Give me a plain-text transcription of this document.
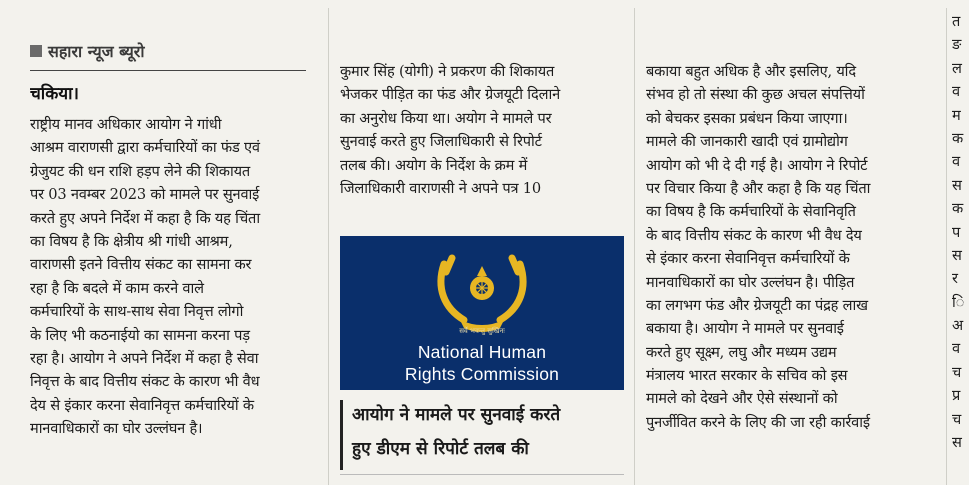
सहारा न्यूज ब्यूरो
चकिया।
राष्ट्रीय मानव अधिकार आयोग ने गांधी
आश्रम वाराणसी द्वारा कर्मचारियों का फंड एवं
ग्रेजुयट की धन राशि हड़प लेने की शिकायत
पर 03 नवम्बर 2023 को मामले पर सुनवाई
करते हुए अपने निर्देश में कहा है कि यह चिंता
का विषय है कि क्षेत्रीय श्री गांधी आश्रम,
वाराणसी इतने वित्तीय संकट का सामना कर
रहा है कि बदले में काम करने वाले
कर्मचारियों के साथ-साथ सेवा निवृत्त लोगो
के लिए भी कठनाईयो का सामना करना पड़
रहा है। आयोग ने अपने निर्देश में कहा है सेवा
निवृत्त के बाद वित्तीय संकट के कारण भी वैध
देय से इंकार करना सेवानिवृत्त कर्मचारियों के
मानवाधिकारों का घोर उल्लंघन है।
कुमार सिंह (योगी) ने प्रकरण की शिकायत
भेजकर पीड़ित का फंड और ग्रेजयूटी दिलाने
का अनुरोध किया था। अयोग ने मामले पर
सुनवाई करते हुए जिलाधिकारी से रिपोर्ट
तलब की। अयोग के निर्देश के क्रम में
जिलाधिकारी वाराणसी ने अपने पत्र 10
सर्वे भवन्तु सुखिनः
National Human
Rights Commission
आयोग ने मामले पर सुनवाई करते
हुए डीएम से रिपोर्ट तलब की
बकाया बहुत अधिक है और इसलिए, यदि
संभव हो तो संस्था की कुछ अचल संपत्तियों
को बेचकर इसका प्रबंधन किया जाएगा।
मामले की जानकारी खादी एवं ग्रामोद्योग
आयोग को भी दे दी गई है। आयोग ने रिपोर्ट
पर विचार किया है और कहा है कि यह चिंता
का विषय है कि कर्मचारियों के सेवानिवृति
के बाद वित्तीय संकट के कारण भी वैध देय
से इंकार करना सेवानिवृत्त कर्मचारियों के
मानवाधिकारों का घोर उल्लंघन है। पीड़ित
का लगभग फंड और ग्रेजयूटी का पंद्रह लाख
बकाया है। आयोग ने मामले पर सुनवाई
करते हुए सूक्ष्म, लघु और मध्यम उद्यम
मंत्रालय भारत सरकार के सचिव को इस
मामले को देखने और ऐसे संस्थानों को
पुनर्जीवित करने के लिए की जा रही कार्रवाई
त
ङ
ल
व
म
क
व
स
क
प
स
र
ि
अ
व
च
प्र
च
स
